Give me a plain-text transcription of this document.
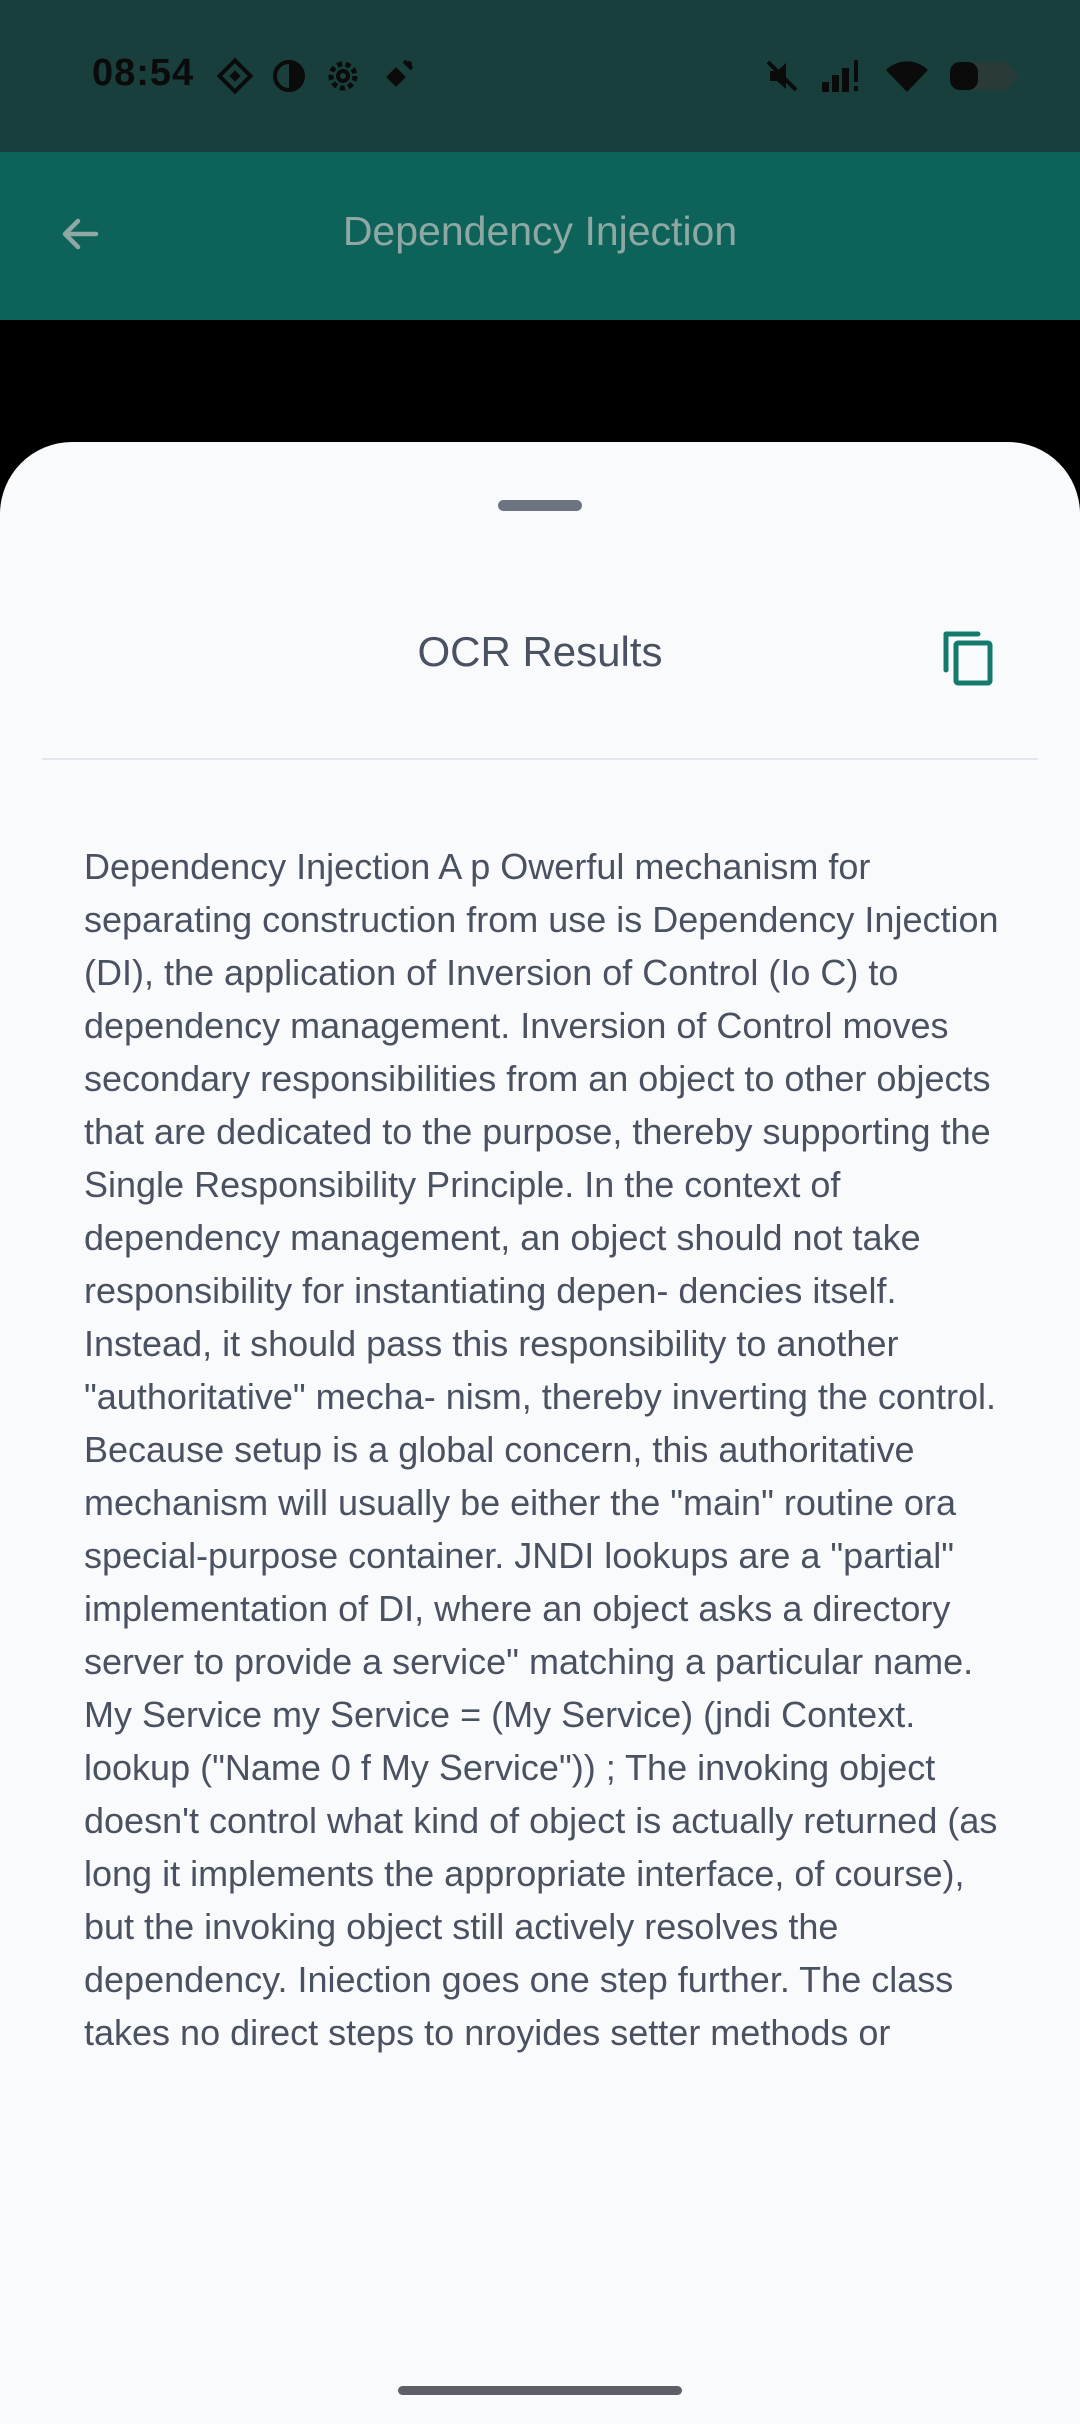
08:54
Dependency Injection
OCR Results
Dependency Injection A p Owerful mechanism for separating construction from use is Dependency Injection (DI), the application of Inversion of Control (Io C) to dependency management. Inversion of Control moves secondary responsibilities from an object to other objects that are dedicated to the purpose, thereby supporting the Single Responsibility Principle. In the context of dependency management, an object should not take responsibility for instantiating depen- dencies itself. Instead, it should pass this responsibility to another "authoritative" mecha- nism, thereby inverting the control. Because setup is a global concern, this authoritative mechanism will usually be either the "main" routine ora special-purpose container. JNDI lookups are a "partial" implementation of DI, where an object asks a directory server to provide a service" matching a particular name. My Service my Service = (My Service) (jndi Context. lookup ("Name 0 f My Service")) ; The invoking object doesn't control what kind of object is actually returned (as long it implements the appropriate interface, of course), but the invoking object still actively resolves the dependency. Iniection goes one step further. The class takes no direct steps to nroyides setter methods or
